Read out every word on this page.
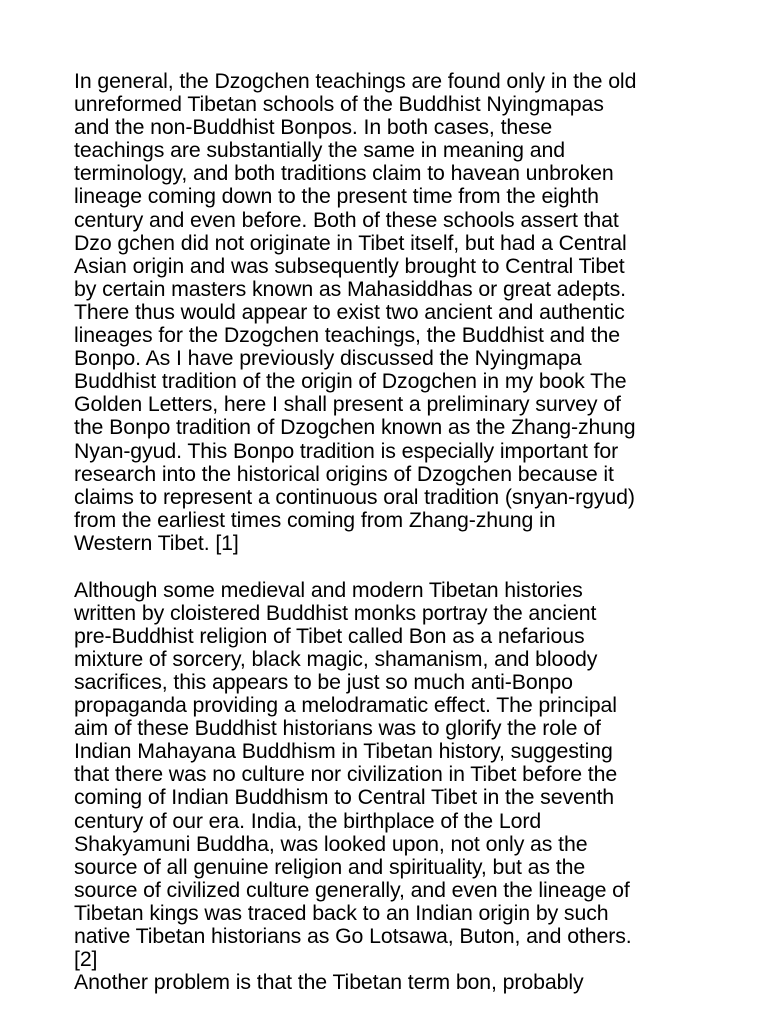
In general, the Dzogchen teachings are found only in the old
unreformed Tibetan schools of the Buddhist Nyingmapas
and the non-Buddhist Bonpos. In both cases, these
teachings are substantially the same in meaning and
terminology, and both traditions claim to havean unbroken
lineage coming down to the present time from the eighth
century and even before. Both of these schools assert that
Dzo gchen did not originate in Tibet itself, but had a Central
Asian origin and was subsequently brought to Central Tibet
by certain masters known as Mahasiddhas or great adepts.
There thus would appear to exist two ancient and authentic
lineages for the Dzogchen teachings, the Buddhist and the
Bonpo. As I have previously discussed the Nyingmapa
Buddhist tradition of the origin of Dzogchen in my book The
Golden Letters, here I shall present a preliminary survey of
the Bonpo tradition of Dzogchen known as the Zhang-zhung
Nyan-gyud. This Bonpo tradition is especially important for
research into the historical origins of Dzogchen because it
claims to represent a continuous oral tradition (snyan-rgyud)
from the earliest times coming from Zhang-zhung in
Western Tibet. [1]
Although some medieval and modern Tibetan histories
written by cloistered Buddhist monks portray the ancient
pre-Buddhist religion of Tibet called Bon as a nefarious
mixture of sorcery, black magic, shamanism, and bloody
sacrifices, this appears to be just so much anti-Bonpo
propaganda providing a melodramatic effect. The principal
aim of these Buddhist historians was to glorify the role of
Indian Mahayana Buddhism in Tibetan history, suggesting
that there was no culture nor civilization in Tibet before the
coming of Indian Buddhism to Central Tibet in the seventh
century of our era. India, the birthplace of the Lord
Shakyamuni Buddha, was looked upon, not only as the
source of all genuine religion and spirituality, but as the
source of civilized culture generally, and even the lineage of
Tibetan kings was traced back to an Indian origin by such
native Tibetan historians as Go Lotsawa, Buton, and others.
[2]
Another problem is that the Tibetan term bon, probably
